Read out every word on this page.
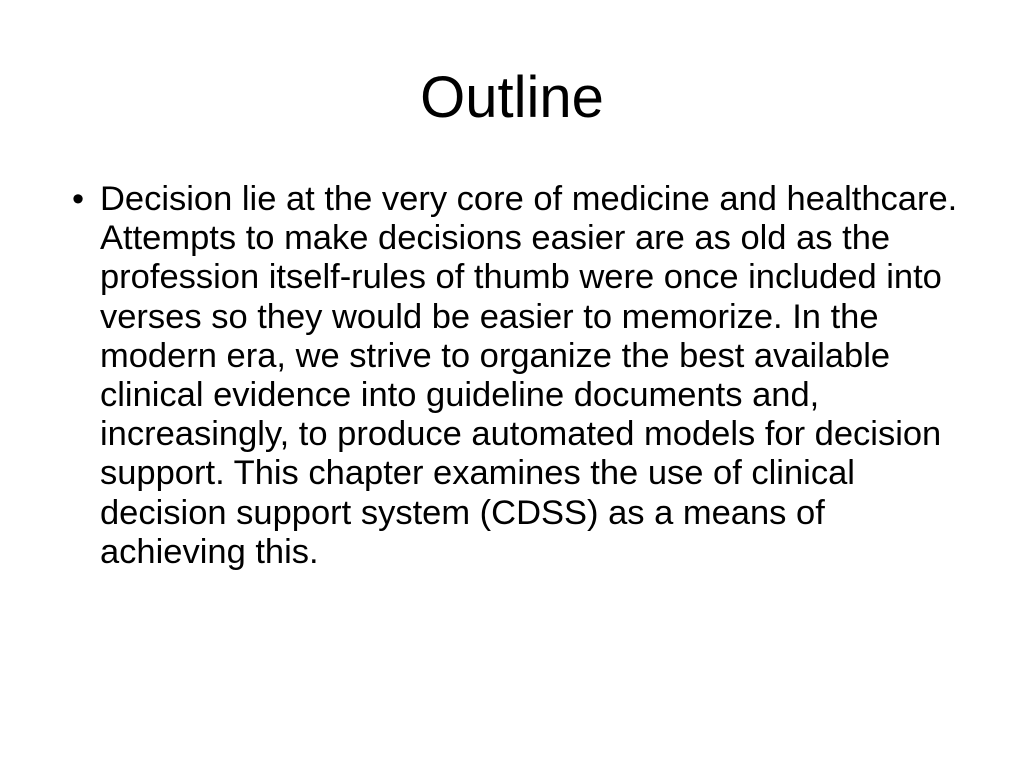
Outline
• Decision lie at the very core of medicine and healthcare. Attempts to make decisions easier are as old as the profession itself-rules of thumb were once included into verses so they would be easier to memorize. In the modern era, we strive to organize the best available clinical evidence into guideline documents and, increasingly, to produce automated models for decision support. This chapter examines the use of clinical decision support system (CDSS) as a means of achieving this.
